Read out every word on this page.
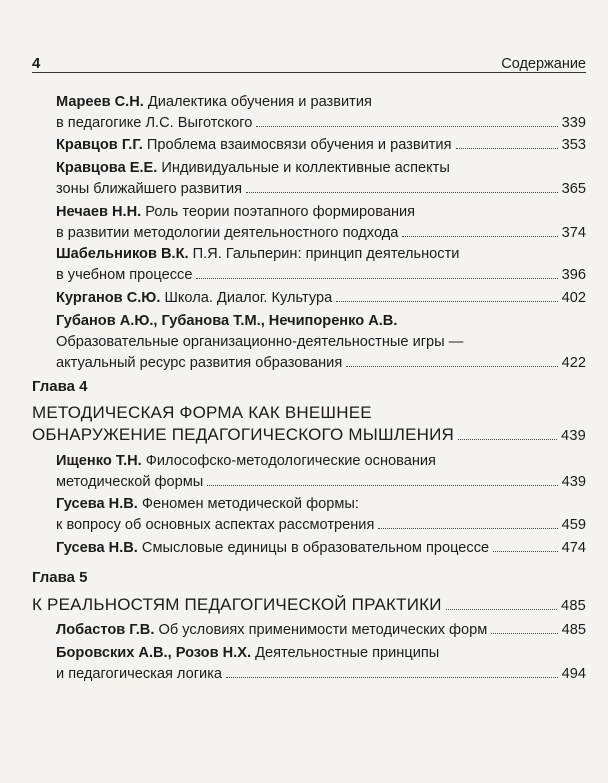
4	Содержание
Мареев С.Н.
Диалектика обучения и развития
в педагогике Л.С. Выготского	339
Кравцов Г.Г.
Проблема взаимосвязи обучения и развития	353
Кравцова Е.Е.
Индивидуальные и коллективные аспекты
зоны ближайшего развития	365
Нечаев Н.Н.
Роль теории поэтапного формирования
в развитии методологии деятельностного подхода	374
Шабельников В.К.
П.Я. Гальперин: принцип деятельности
в учебном процессе	396
Курганов С.Ю.
Школа. Диалог. Культура	402
Губанов А.Ю., Губанова Т.М., Нечипоренко А.В.
Образовательные организационно-деятельностные игры —
актуальный ресурс развития образования	422
Глава 4
МЕТОДИЧЕСКАЯ ФОРМА КАК ВНЕШНЕЕ
ОБНАРУЖЕНИЕ ПЕДАГОГИЧЕСКОГО МЫШЛЕНИЯ	439
Ищенко Т.Н.
Философско-методологические основания
методической формы	439
Гусева Н.В.
Феномен методической формы:
к вопросу об основных аспектах рассмотрения	459
Гусева Н.В.
Смысловые единицы в образовательном процессе	474
Глава 5
К РЕАЛЬНОСТЯМ ПЕДАГОГИЧЕСКОЙ ПРАКТИКИ	485
Лобастов Г.В.
Об условиях применимости методических форм	485
Боровских А.В., Розов Н.Х.
Деятельностные принципы
и педагогическая логика	494
